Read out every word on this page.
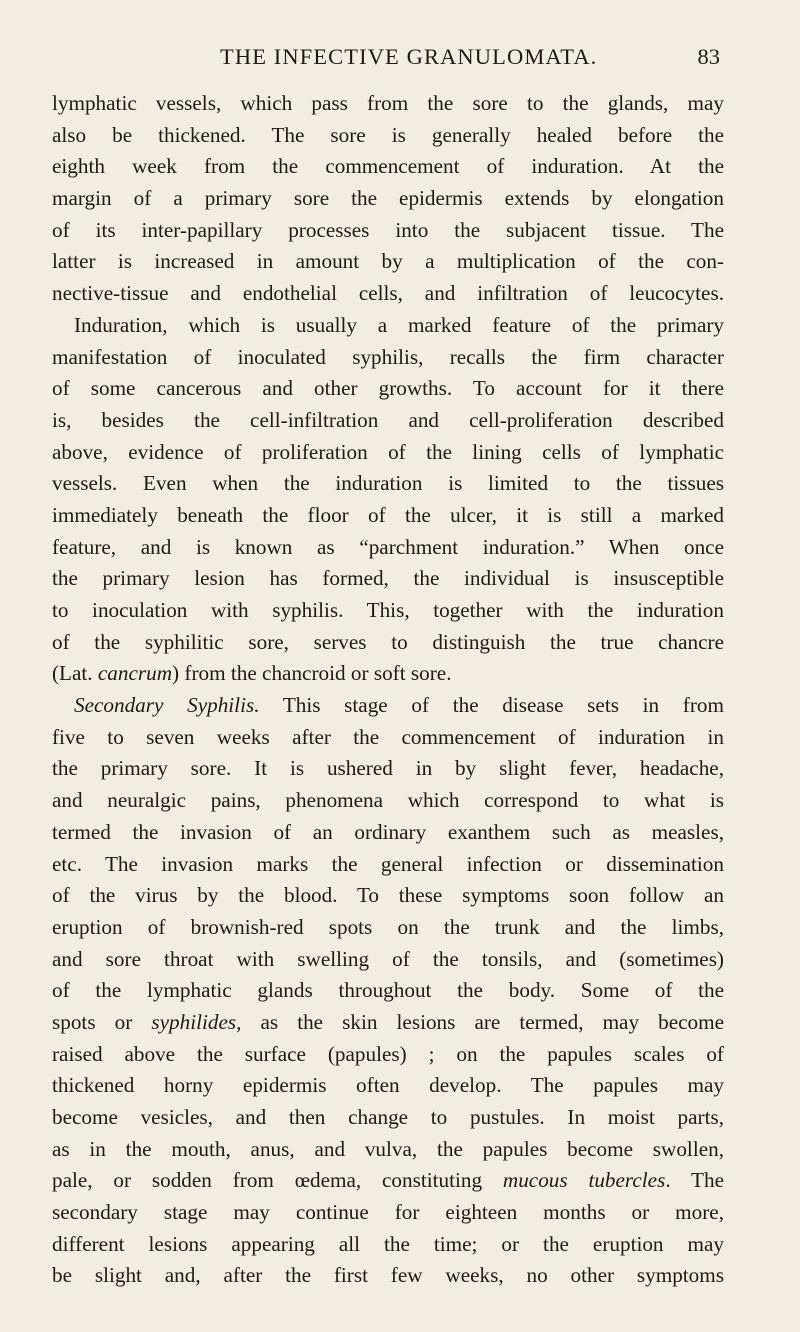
THE INFECTIVE GRANULOMATA.	83
lymphatic vessels, which pass from the sore to the glands, may
also be thickened. The sore is generally healed before the
eighth week from the commencement of induration. At the
margin of a primary sore the epidermis extends by elongation
of its inter-papillary processes into the subjacent tissue. The
latter is increased in amount by a multiplication of the con-
nective-tissue and endothelial cells, and infiltration of leucocytes.
Induration, which is usually a marked feature of the primary
manifestation of inoculated syphilis, recalls the firm character
of some cancerous and other growths. To account for it there
is, besides the cell-infiltration and cell-proliferation described
above, evidence of proliferation of the lining cells of lymphatic
vessels. Even when the induration is limited to the tissues
immediately beneath the floor of the ulcer, it is still a marked
feature, and is known as “parchment induration.” When once
the primary lesion has formed, the individual is insusceptible
to inoculation with syphilis. This, together with the induration
of the syphilitic sore, serves to distinguish the true chancre
(Lat. cancrum) from the chancroid or soft sore.
Secondary Syphilis. This stage of the disease sets in from
five to seven weeks after the commencement of induration in
the primary sore. It is ushered in by slight fever, headache,
and neuralgic pains, phenomena which correspond to what is
termed the invasion of an ordinary exanthem such as measles,
etc. The invasion marks the general infection or dissemination
of the virus by the blood. To these symptoms soon follow an
eruption of brownish-red spots on the trunk and the limbs,
and sore throat with swelling of the tonsils, and (sometimes)
of the lymphatic glands throughout the body. Some of the
spots or syphilides, as the skin lesions are termed, may become
raised above the surface (papules) ; on the papules scales of
thickened horny epidermis often develop. The papules may
become vesicles, and then change to pustules. In moist parts,
as in the mouth, anus, and vulva, the papules become swollen,
pale, or sodden from œdema, constituting mucous tubercles. The
secondary stage may continue for eighteen months or more,
different lesions appearing all the time; or the eruption may
be slight and, after the first few weeks, no other symptoms
